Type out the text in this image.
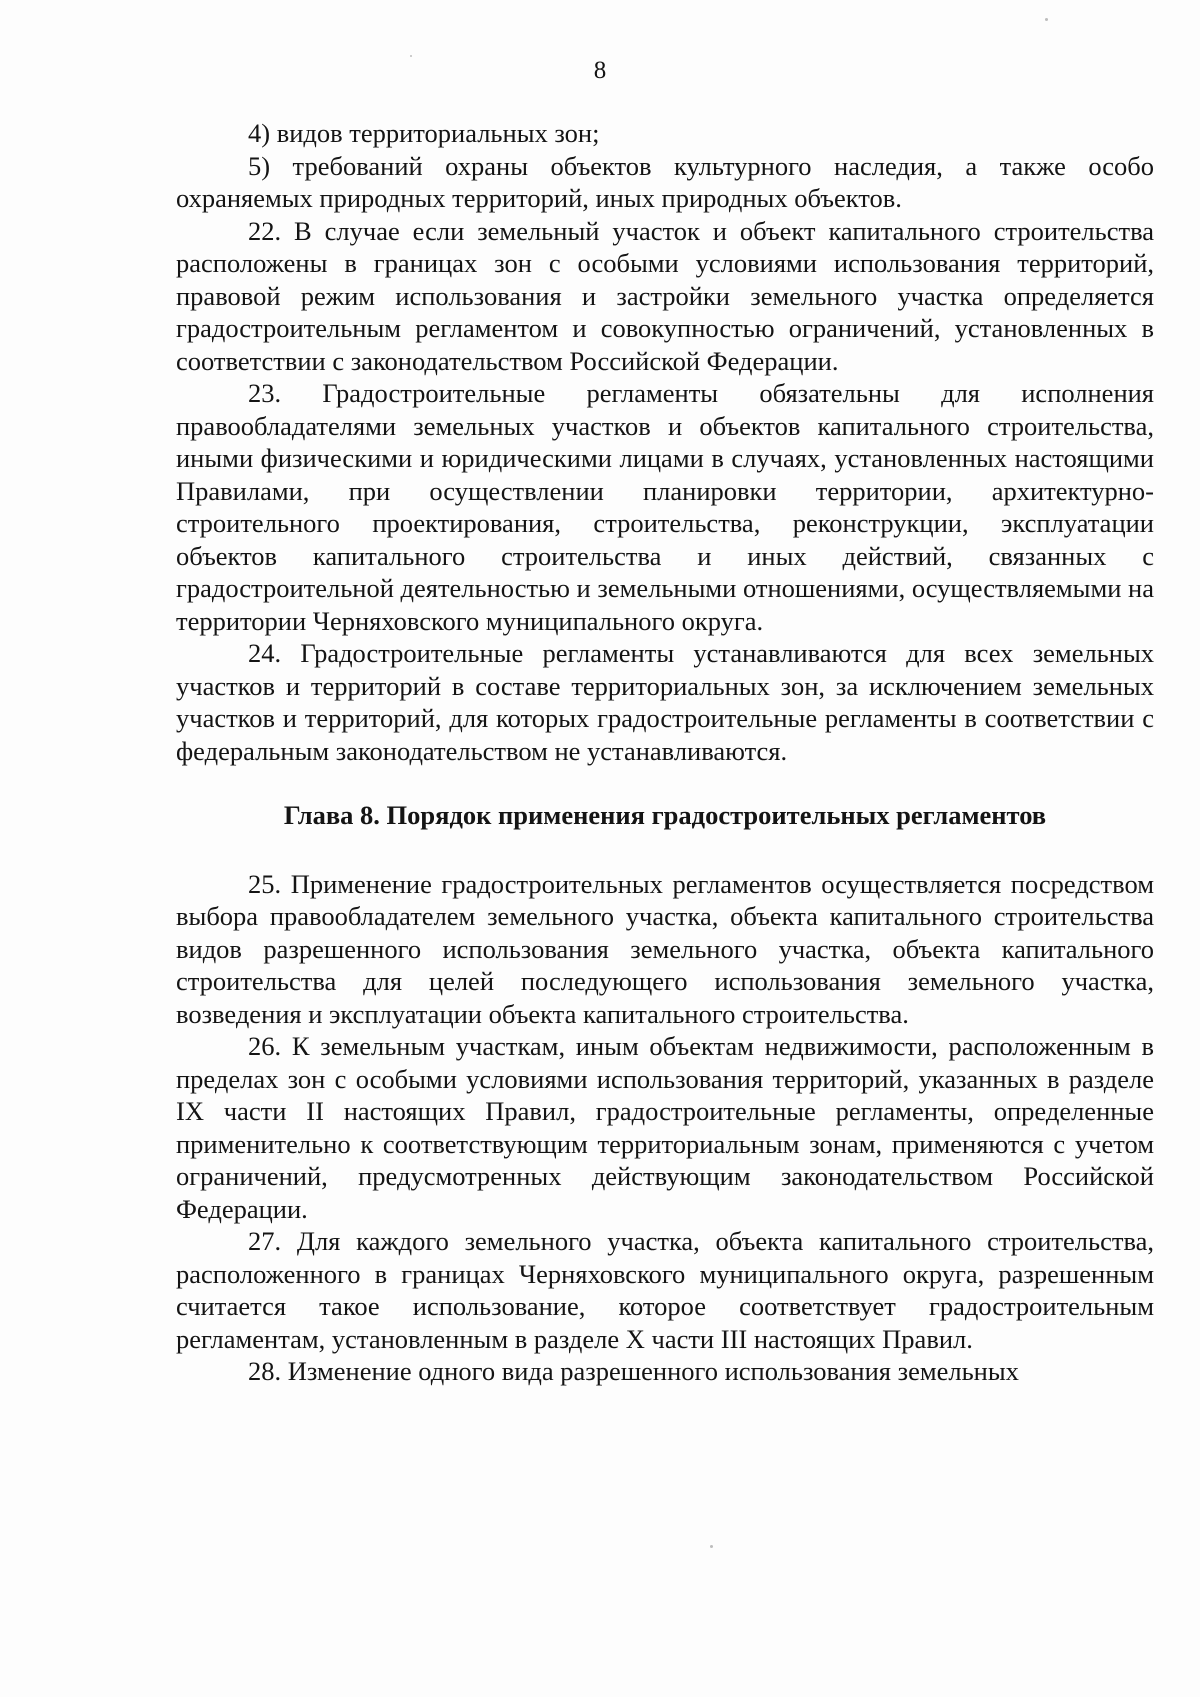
8

4) видов территориальных зон;

5) требований охраны объектов культурного наследия, а также особо охраняемых природных территорий, иных природных объектов.

22. В случае если земельный участок и объект капитального строительства расположены в границах зон с особыми условиями использования территорий, правовой режим использования и застройки земельного участка определяется градостроительным регламентом и совокупностью ограничений, установленных в соответствии с законодательством Российской Федерации.

23. Градостроительные регламенты обязательны для исполнения правообладателями земельных участков и объектов капитального строительства, иными физическими и юридическими лицами в случаях, установленных настоящими Правилами, при осуществлении планировки территории, архитектурно-строительного проектирования, строительства, реконструкции, эксплуатации объектов капитального строительства и иных действий, связанных с градостроительной деятельностью и земельными отношениями, осуществляемыми на территории Черняховского муниципального округа.

24. Градостроительные регламенты устанавливаются для всех земельных участков и территорий в составе территориальных зон, за исключением земельных участков и территорий, для которых градостроительные регламенты в соответствии с федеральным законодательством не устанавливаются.

Глава 8. Порядок применения градостроительных регламентов

25. Применение градостроительных регламентов осуществляется посредством выбора правообладателем земельного участка, объекта капитального строительства видов разрешенного использования земельного участка, объекта капитального строительства для целей последующего использования земельного участка, возведения и эксплуатации объекта капитального строительства.

26. К земельным участкам, иным объектам недвижимости, расположенным в пределах зон с особыми условиями использования территорий, указанных в разделе IX части II настоящих Правил, градостроительные регламенты, определенные применительно к соответствующим территориальным зонам, применяются с учетом ограничений, предусмотренных действующим законодательством Российской Федерации.

27. Для каждого земельного участка, объекта капитального строительства, расположенного в границах Черняховского муниципального округа, разрешенным считается такое использование, которое соответствует градостроительным регламентам, установленным в разделе X части III настоящих Правил.

28. Изменение одного вида разрешенного использования земельных
